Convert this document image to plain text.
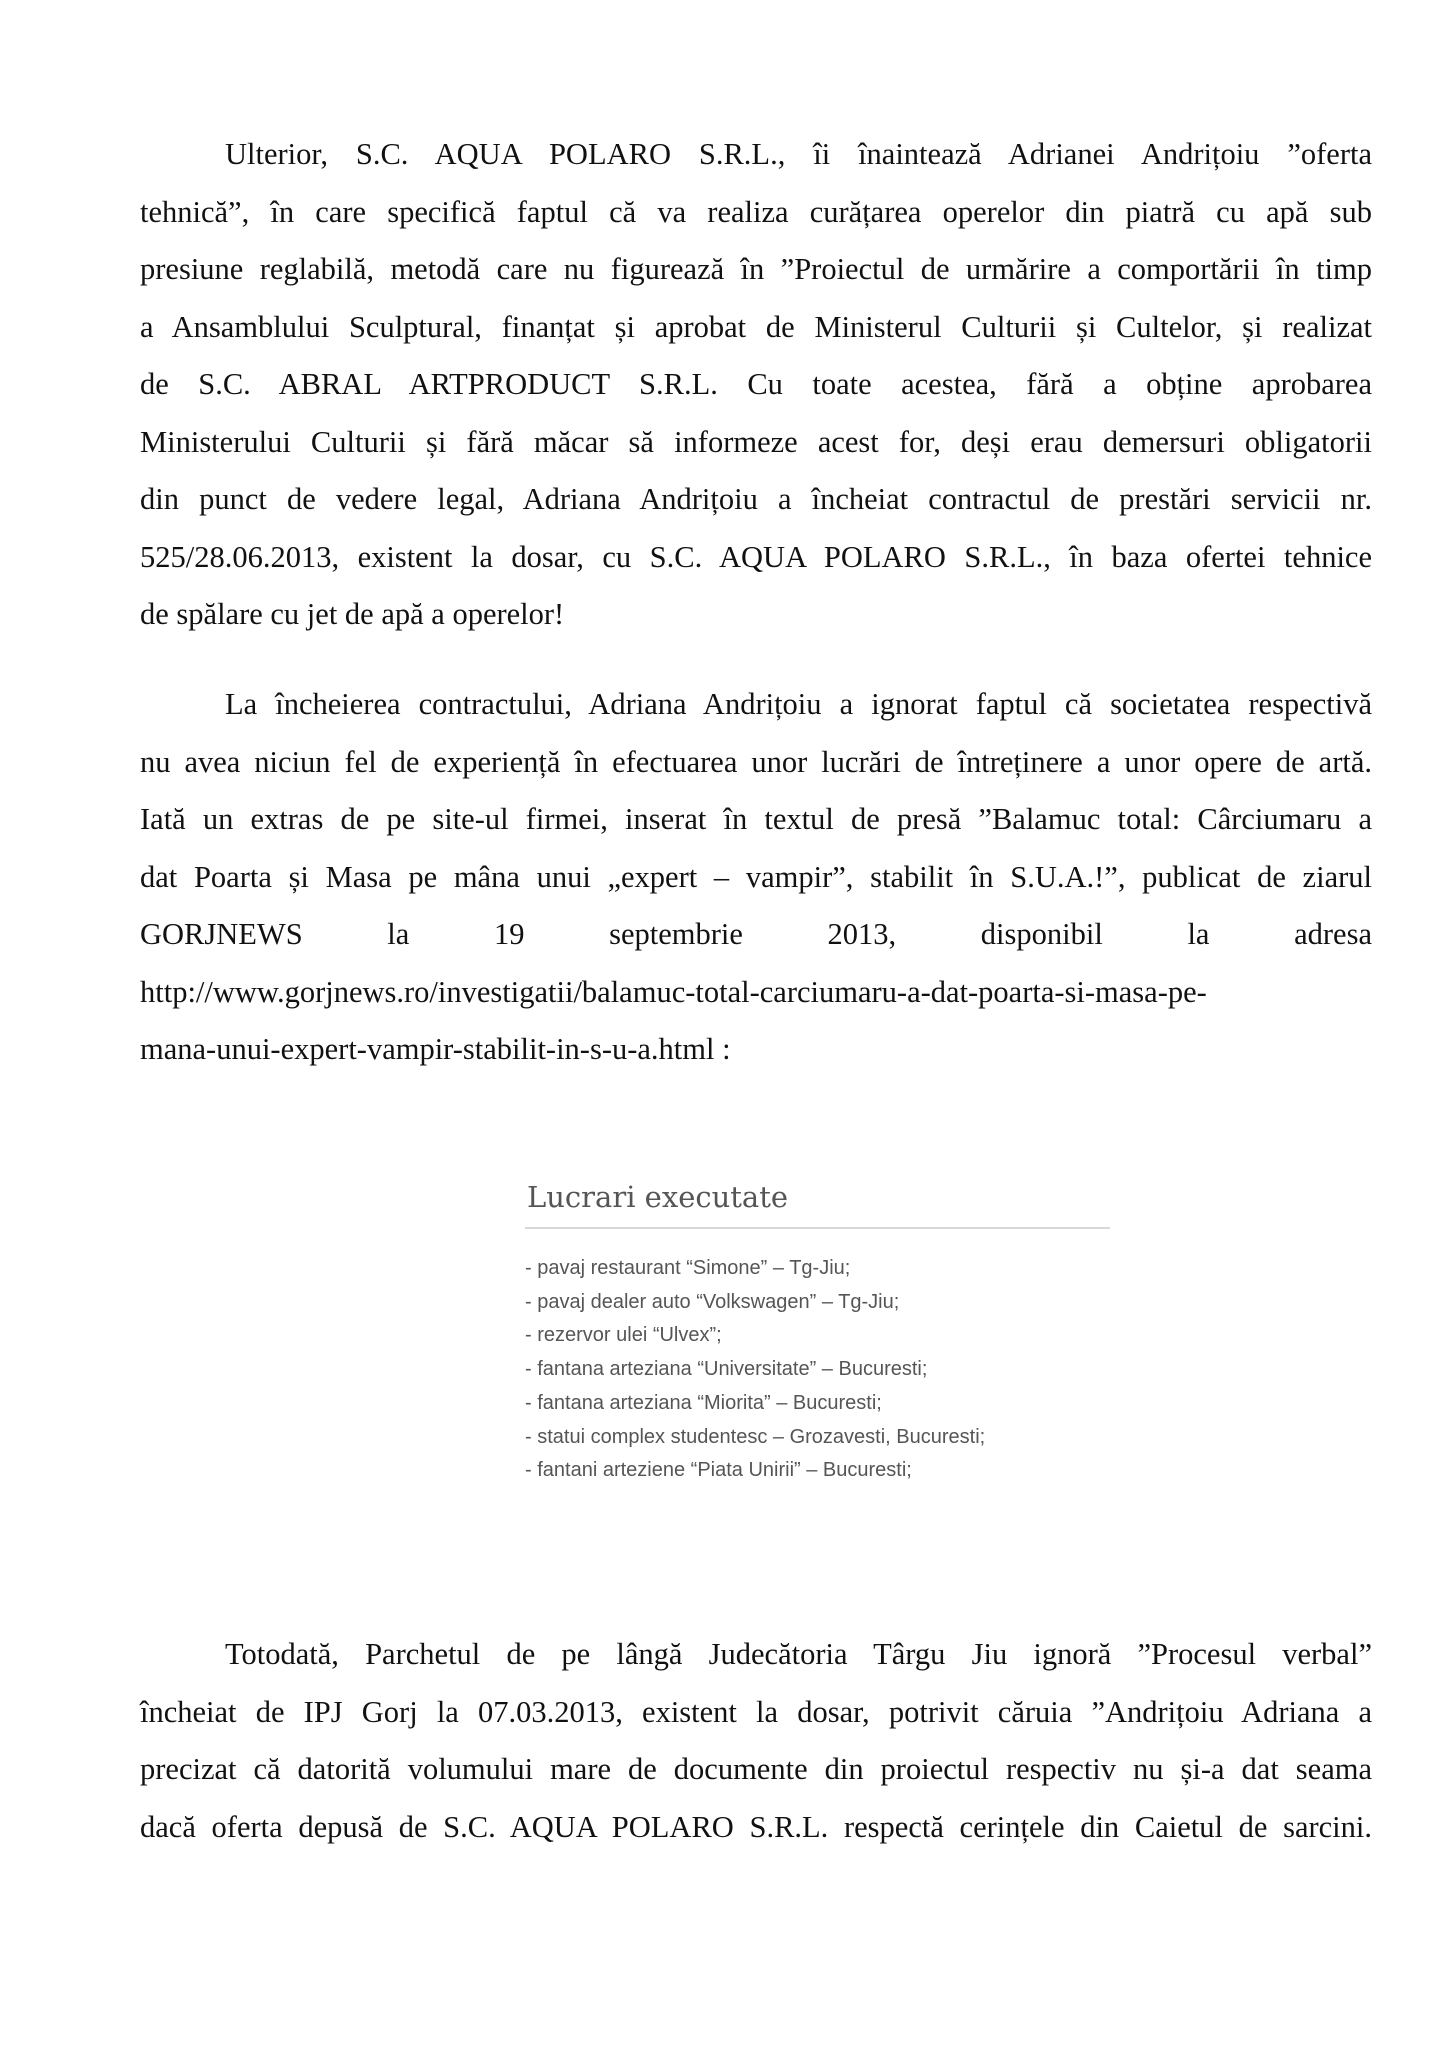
Ulterior, S.C. AQUA POLARO S.R.L., îi înaintează Adrianei Andrițoiu ”oferta
tehnică”, în care specifică faptul că va realiza curățarea operelor din piatră cu apă sub
presiune reglabilă, metodă care nu figurează în ”Proiectul de urmărire a comportării în timp
a Ansamblului Sculptural, finanțat și aprobat de Ministerul Culturii și Cultelor, și realizat
de S.C. ABRAL ARTPRODUCT S.R.L. Cu toate acestea, fără a obține aprobarea
Ministerului Culturii și fără măcar să informeze acest for, deși erau demersuri obligatorii
din punct de vedere legal, Adriana Andrițoiu a încheiat contractul de prestări servicii nr.
525/28.06.2013, existent la dosar, cu S.C. AQUA POLARO S.R.L., în baza ofertei tehnice
de spălare cu jet de apă a operelor!

La încheierea contractului, Adriana Andrițoiu a ignorat faptul că societatea respectivă
nu avea niciun fel de experiență în efectuarea unor lucrări de întreținere a unor opere de artă.
Iată un extras de pe site-ul firmei, inserat în textul de presă ”Balamuc total: Cârciumaru a
dat Poarta și Masa pe mâna unui „expert – vampir”, stabilit în S.U.A.!”, publicat de ziarul
GORJNEWS la 19 septembrie 2013, disponibil la adresa
http://www.gorjnews.ro/investigatii/balamuc-total-carciumaru-a-dat-poarta-si-masa-pe-
mana-unui-expert-vampir-stabilit-in-s-u-a.html :

Lucrari executate
- pavaj restaurant “Simone” – Tg-Jiu;
- pavaj dealer auto “Volkswagen” – Tg-Jiu;
- rezervor ulei “Ulvex”;
- fantana arteziana “Universitate” – Bucuresti;
- fantana arteziana “Miorita” – Bucuresti;
- statui complex studentesc – Grozavesti, Bucuresti;
- fantani arteziene “Piata Unirii” – Bucuresti;

Totodată, Parchetul de pe lângă Judecătoria Târgu Jiu ignoră ”Procesul verbal”
încheiat de IPJ Gorj la 07.03.2013, existent la dosar, potrivit căruia ”Andrițoiu Adriana a
precizat că datorită volumului mare de documente din proiectul respectiv nu și-a dat seama
dacă oferta depusă de S.C. AQUA POLARO S.R.L. respectă cerințele din Caietul de sarcini.
